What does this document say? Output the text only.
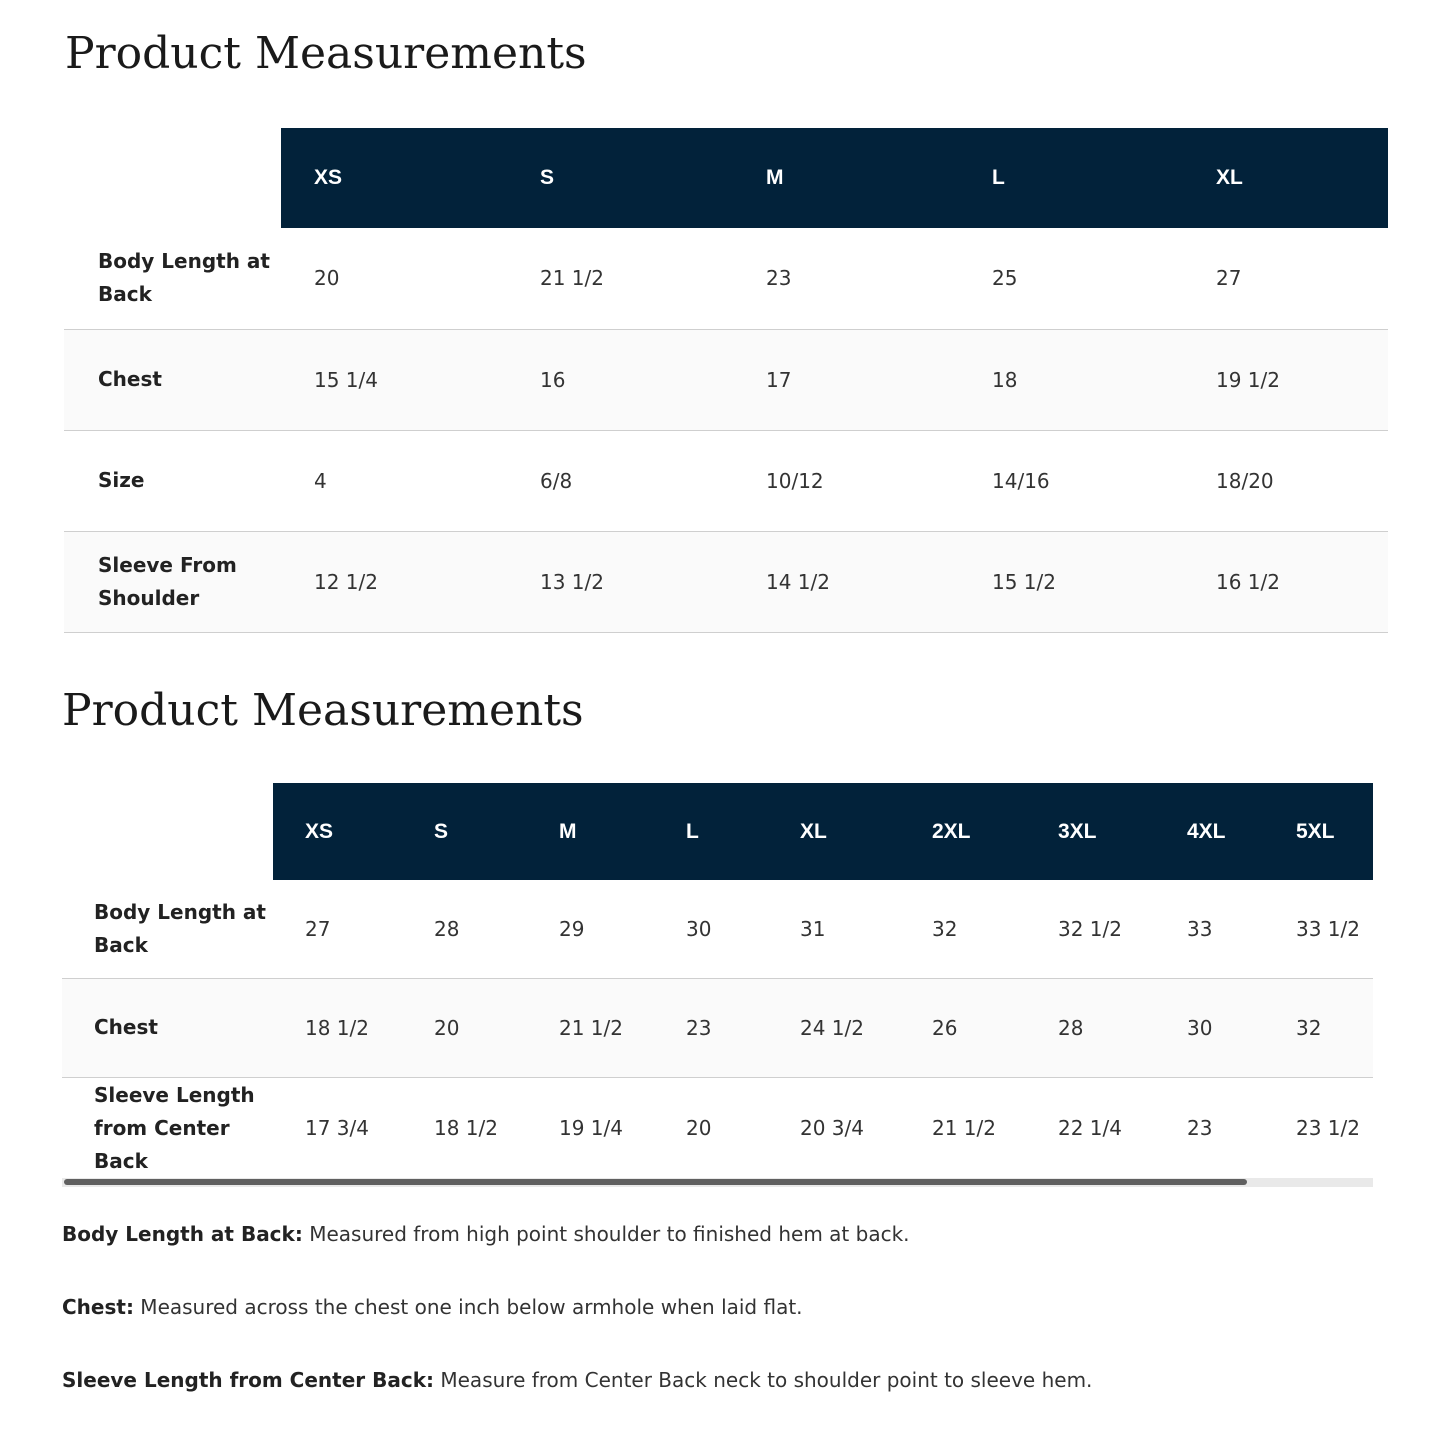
Product Measurements
	XS	S	M	L	XL
Body Length at Back	20	21 1/2	23	25	27
Chest	15 1/4	16	17	18	19 1/2
Size	4	6/8	10/12	14/16	18/20
Sleeve From Shoulder	12 1/2	13 1/2	14 1/2	15 1/2	16 1/2
Product Measurements
	XS	S	M	L	XL	2XL	3XL	4XL	5XL
Body Length at Back	27	28	29	30	31	32	32 1/2	33	33 1/2
Chest	18 1/2	20	21 1/2	23	24 1/2	26	28	30	32
Sleeve Length from Center Back	17 3/4	18 1/2	19 1/4	20	20 3/4	21 1/2	22 1/4	23	23 1/2

Body Length at Back: Measured from high point shoulder to finished hem at back.

Chest: Measured across the chest one inch below armhole when laid flat.

Sleeve Length from Center Back: Measure from Center Back neck to shoulder point to sleeve hem.
